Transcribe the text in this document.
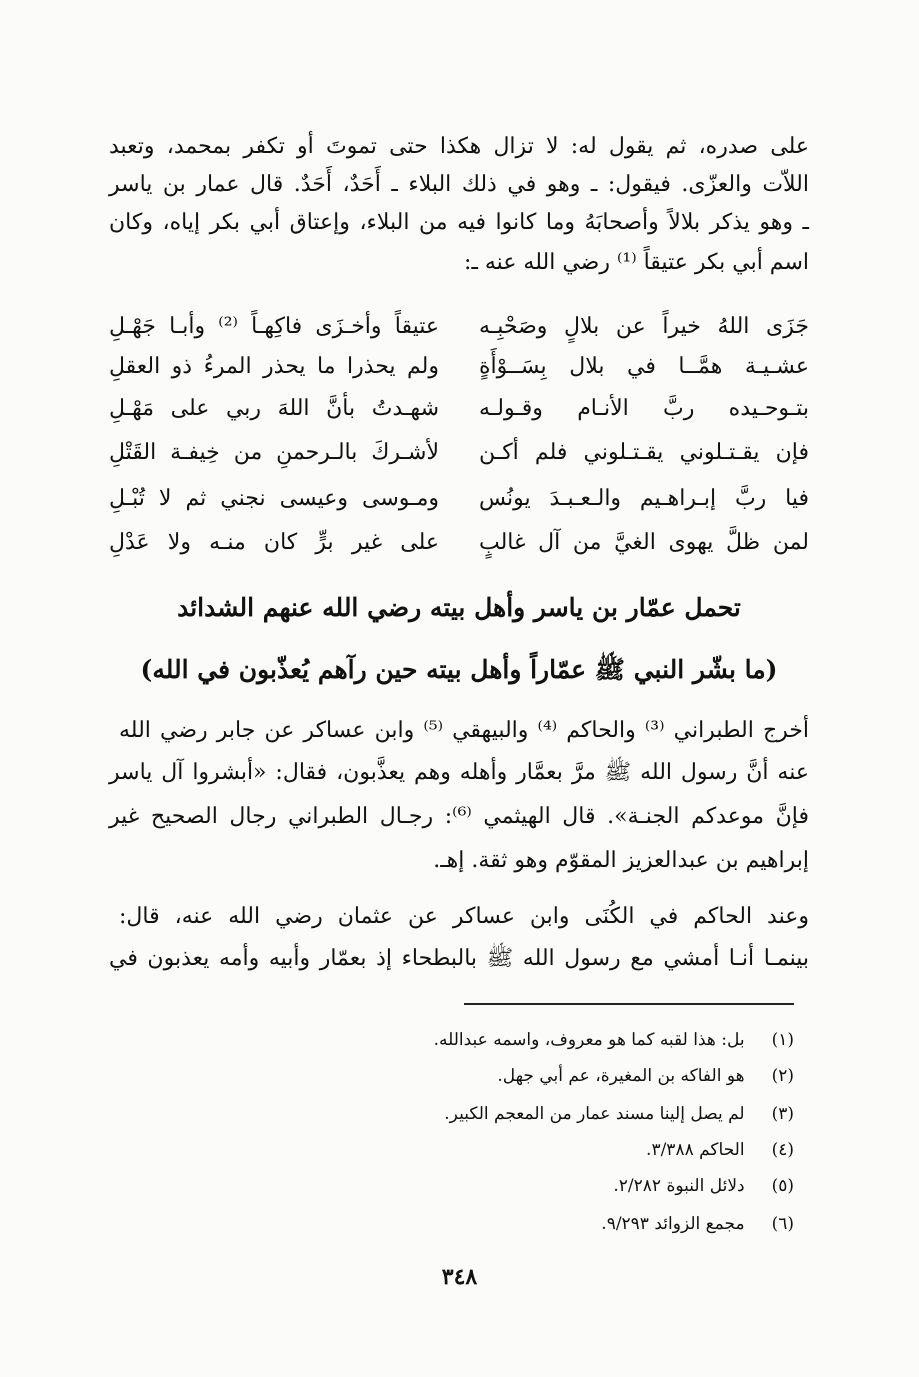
على صدره، ثم يقول له: لا تزال هكذا حتى تموتَ أو تكفر بمحمد، وتعبد
اللاّت والعزّى. فيقول: ـ وهو في ذلك البلاء ـ أَحَدٌ، أَحَدٌ. قال عمار بن ياسر
ـ وهو يذكر بلالاً وأصحابَهُ وما كانوا فيه من البلاء، وإعتاق أبي بكر إياه، وكان
اسم أبي بكر عتيقاً ⁽¹⁾ رضي الله عنه ـ:
جَزَى اللهُ خيراً عن بلالٍ وصَحْبِـه
عتيقاً وأخـزَى فاكِهـاً ⁽²⁾ وأبـا جَهْـلِ
عشـيـة همَّــا في بلال بِسَــوْأَةٍ
ولم يحذرا ما يحذر المرءُ ذو العقلِ
بتـوحـيده ربَّ الأنـام وقـولـه
شهـدتُ بأنَّ اللهَ ربي على مَهْـلِ
فإن يقـتـلوني يقـتـلوني فلم أكـن
لأشـركَ بالـرحمنِ من خِيفـة القَتْلِ
فيا ربَّ إبـراهـيم والـعـبـدَ يونُس
ومـوسى وعيسى نجني ثم لا تُبْـلِ
لمن ظلَّ يهوى الغيَّ من آل غالبٍ
على غير برٍّ كان منـه ولا عَدْلِ
تحمل عمّار بن ياسر وأهل بيته رضي الله عنهم الشدائد
(ما بشّر النبي ﷺ عمّاراً وأهل بيته حين رآهم يُعذّبون في الله)
أخرج الطبراني ⁽³⁾ والحاكم ⁽⁴⁾ والبيهقي ⁽⁵⁾ وابن عساكر عن جابر رضي الله
عنه أنَّ رسول الله ﷺ مرَّ بعمَّار وأهله وهم يعذَّبون، فقال: «أبشروا آل ياسر
فإنَّ موعدكم الجنـة». قال الهيثمي ⁽⁶⁾: رجـال الطبراني رجال الصحيح غير
إبراهيم بن عبدالعزيز المقوّم وهو ثقة. إهـ.
وعند الحاكم في الكُنَى وابن عساكر عن عثمان رضي الله عنه، قال:
بينمـا أنـا أمشي مع رسول الله ﷺ بالبطحاء إذ بعمّار وأبيه وأمه يعذبون في
(١) بل: هذا لقبه كما هو معروف، واسمه عبدالله.
(٢) هو الفاكه بن المغيرة، عم أبي جهل.
(٣) لم يصل إلينا مسند عمار من المعجم الكبير.
(٤) الحاكم ٣/٣٨٨.
(٥) دلائل النبوة ٢/٢٨٢.
(٦) مجمع الزوائد ٩/٢٩٣.
٣٤٨
